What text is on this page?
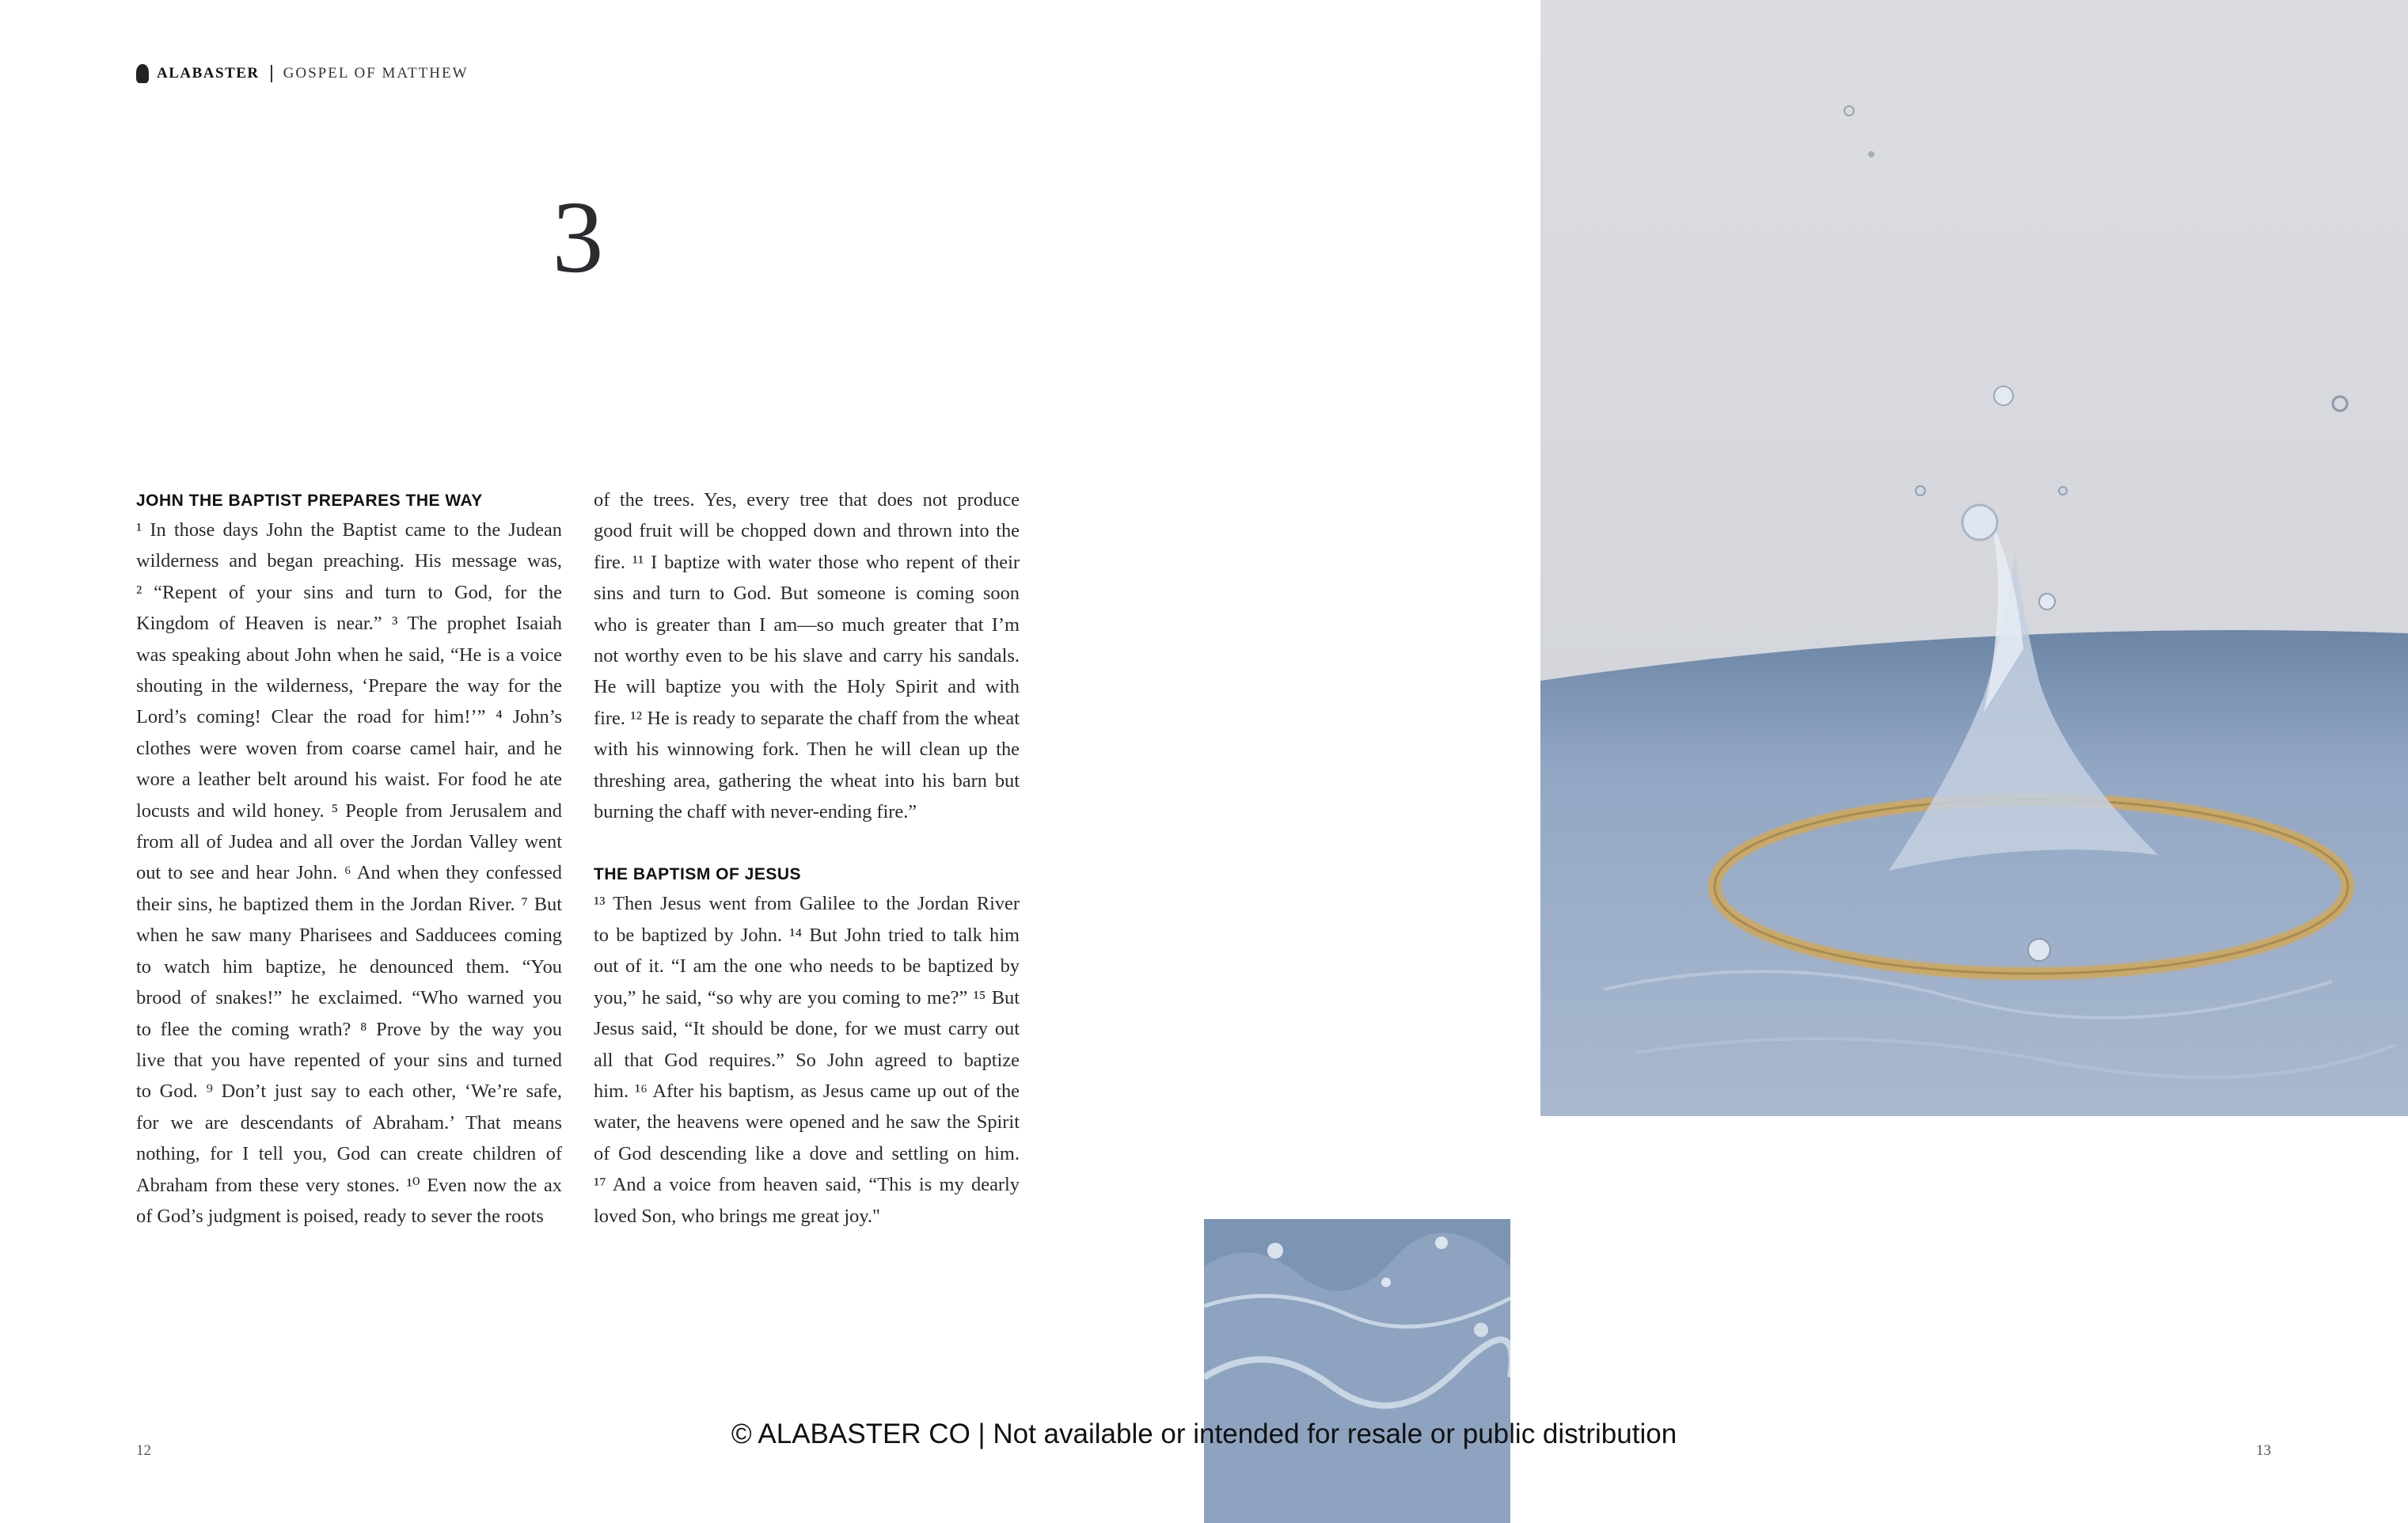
ALABASTER GOSPEL OF MATTHEW
3
JOHN THE BAPTIST PREPARES THE WAY

¹ In those days John the Baptist came to the Judean

wilderness and began preaching. His message was,

² “Repent of your sins and turn to God, for the

Kingdom of Heaven is near.” ³ The prophet Isaiah

was speaking about John when he said, “He is a voice

shouting in the wilderness, ‘Prepare the way for the

Lord’s coming! Clear the road for him!’” ⁴ John’s

clothes were woven from coarse camel hair, and he

wore a leather belt around his waist. For food he ate

locusts and wild honey. ⁵ People from Jerusalem and

from all of Judea and all over the Jordan Valley went

out to see and hear John. ⁶ And when they confessed

their sins, he baptized them in the Jordan River. ⁷ But

when he saw many Pharisees and Sadducees coming

to watch him baptize, he denounced them. “You

brood of snakes!” he exclaimed. “Who warned you

to flee the coming wrath? ⁸ Prove by the way you

live that you have repented of your sins and turned

to God. ⁹ Don’t just say to each other, ‘We’re safe,

for we are descendants of Abraham.’ That means

nothing, for I tell you, God can create children of

Abraham from these very stones. ¹⁰ Even now the ax

of God’s judgment is poised, ready to sever the roots

of the trees. Yes, every tree that does not produce

good fruit will be chopped down and thrown into the

fire. ¹¹ I baptize with water those who repent of their

sins and turn to God. But someone is coming soon

who is greater than I am—so much greater that I’m

not worthy even to be his slave and carry his sandals.

He will baptize you with the Holy Spirit and with

fire. ¹² He is ready to separate the chaff from the wheat

with his winnowing fork. Then he will clean up the

threshing area, gathering the wheat into his barn but

burning the chaff with never-ending fire.”

THE BAPTISM OF JESUS

¹³ Then Jesus went from Galilee to the Jordan River

to be baptized by John. ¹⁴ But John tried to talk him

out of it. “I am the one who needs to be baptized by

you,” he said, “so why are you coming to me?” ¹⁵ But

Jesus said, “It should be done, for we must carry out

all that God requires.” So John agreed to baptize

him. ¹⁶ After his baptism, as Jesus came up out of the

water, the heavens were opened and he saw the Spirit

of God descending like a dove and settling on him.

¹⁷ And a voice from heaven said, “This is my dearly

loved Son, who brings me great joy."

12	13
© ALABASTER CO | Not available or intended for resale or public distribution
